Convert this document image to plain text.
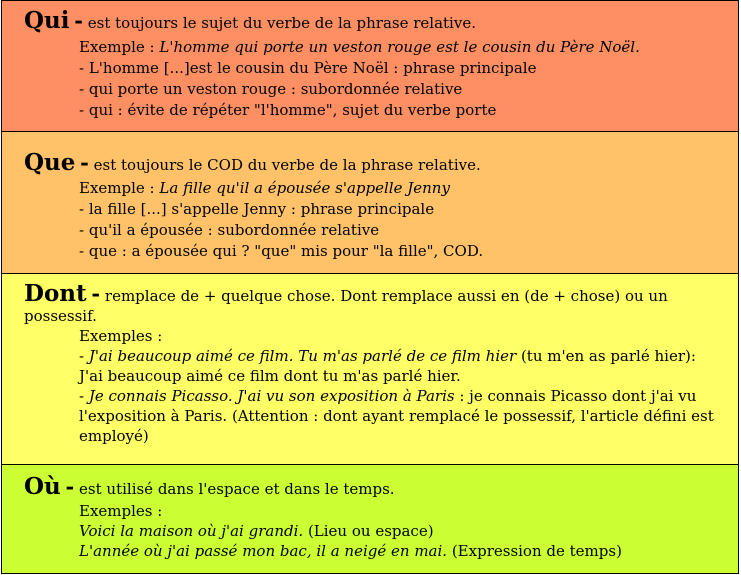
Qui - est toujours le sujet du verbe de la phrase relative.
Exemple : L'homme qui porte un veston rouge est le cousin du Père Noël.
- L'homme [...]est le cousin du Père Noël : phrase principale
- qui porte un veston rouge : subordonnée relative
- qui : évite de répéter "l'homme", sujet du verbe porte
Que - est toujours le COD du verbe de la phrase relative.
Exemple : La fille qu'il a épousée s'appelle Jenny
- la fille [...] s'appelle Jenny : phrase principale
- qu'il a épousée : subordonnée relative
- que : a épousée qui ? "que" mis pour "la fille", COD.
Dont - remplace de + quelque chose. Dont remplace aussi en (de + chose) ou un possessif.
Exemples :
- J'ai beaucoup aimé ce film. Tu m'as parlé de ce film hier (tu m'en as parlé hier): J'ai beaucoup aimé ce film dont tu m'as parlé hier.
- Je connais Picasso. J'ai vu son exposition à Paris : je connais Picasso dont j'ai vu l'exposition à Paris. (Attention : dont ayant remplacé le possessif, l'article défini est employé)
Où - est utilisé dans l'espace et dans le temps.
Exemples :
Voici la maison où j'ai grandi. (Lieu ou espace)
L'année où j'ai passé mon bac, il a neigé en mai. (Expression de temps)
